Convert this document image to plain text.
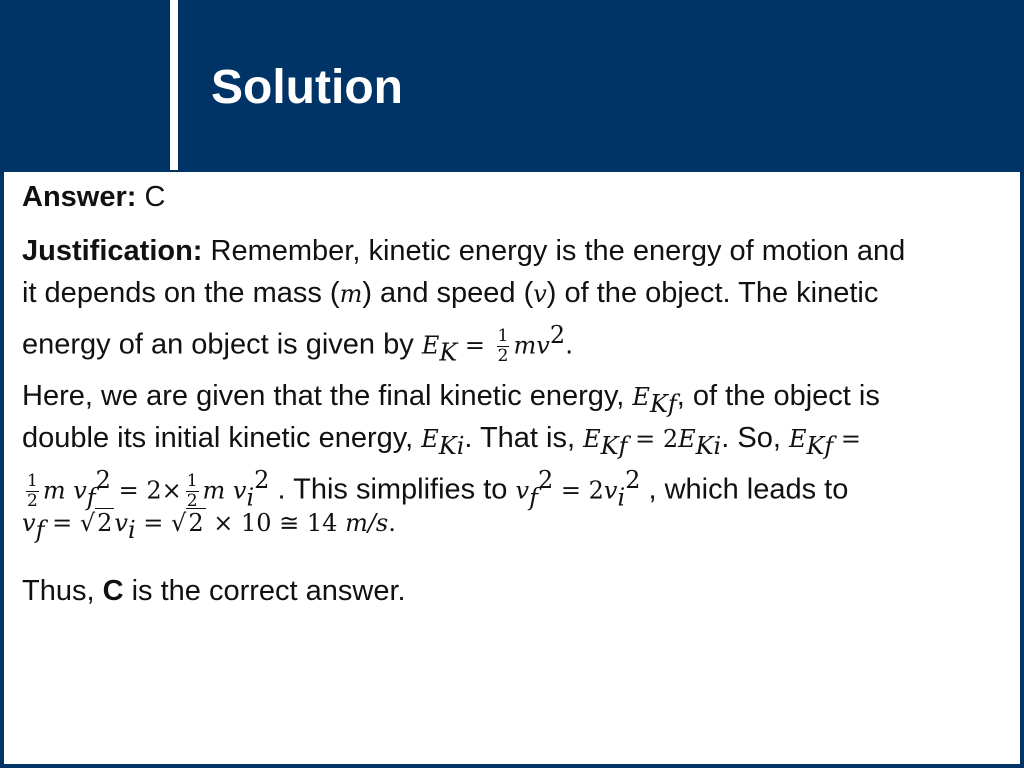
Solution
Answer: C
Justification: Remember, kinetic energy is the energy of motion and
it depends on the mass (m) and speed (v) of the object. The kinetic
energy of an object is given by $E_K = \frac{1}{2} mv^2$.
Here, we are given that the final kinetic energy, $E_{Kf}$, of the object is
double its initial kinetic energy, $E_{Ki}$. That is, $E_{Kf} = 2E_{Ki}$. So, $E_{Kf}$ =
$\frac{1}{2}$ m $v_f^2 = 2\times \frac{1}{2}$ m $v_i^2$ . This simplifies to $v_f^2 = 2v_i^2$ , which leads to
$v_f = √2v_i = √2 \times 10$ ≅ 14 m/s.
Thus, C is the correct answer.
